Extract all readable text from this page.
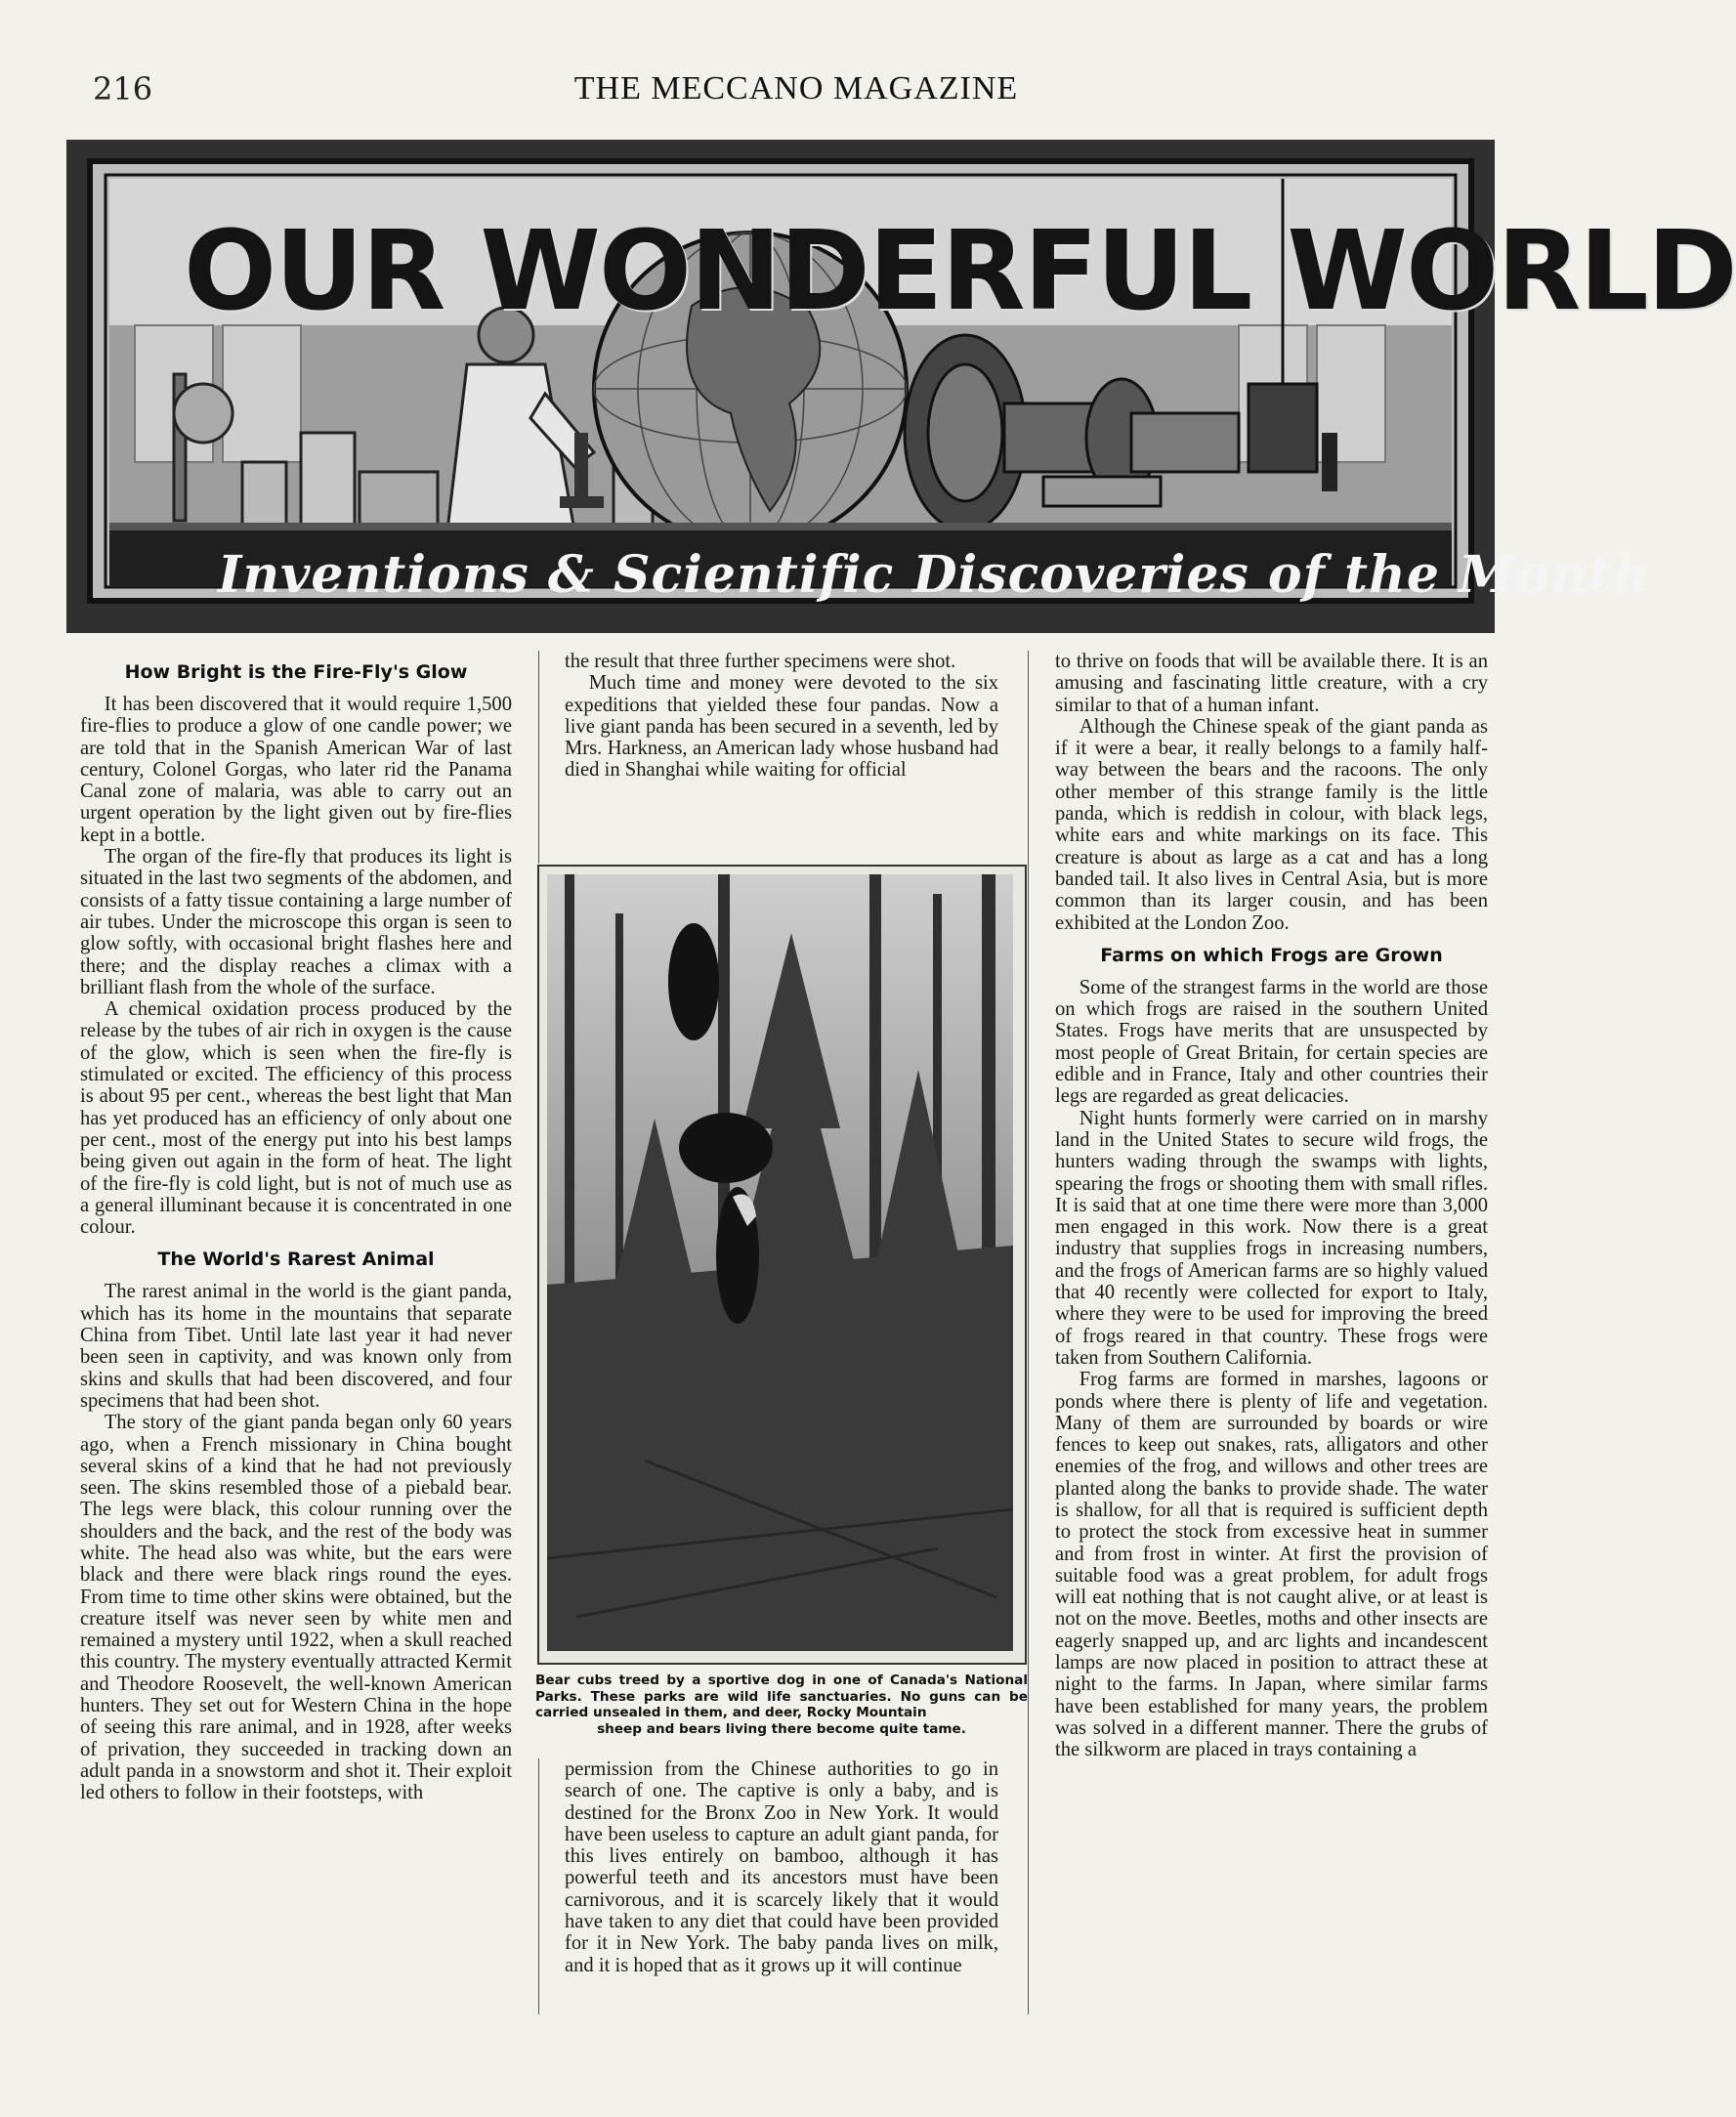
216	THE MECCANO MAGAZINE
OUR WONDERFUL WORLD
Inventions & Scientific Discoveries of the Month
How Bright is the Fire-Fly's Glow

It has been discovered that it would require 1,500 fire-flies to produce a glow of one candle power; we are told that in the Spanish American War of last century, Colonel Gorgas, who later rid the Panama Canal zone of malaria, was able to carry out an urgent operation by the light given out by fire-flies kept in a bottle.

The organ of the fire-fly that produces its light is situated in the last two segments of the abdomen, and consists of a fatty tissue containing a large number of air tubes. Under the microscope this organ is seen to glow softly, with occasional bright flashes here and there; and the display reaches a climax with a brilliant flash from the whole of the surface.

A chemical oxidation process produced by the release by the tubes of air rich in oxygen is the cause of the glow, which is seen when the fire-fly is stimulated or excited. The efficiency of this process is about 95 per cent., whereas the best light that Man has yet produced has an efficiency of only about one per cent., most of the energy put into his best lamps being given out again in the form of heat. The light of the fire-fly is cold light, but is not of much use as a general illuminant because it is concentrated in one colour.

The World's Rarest Animal

The rarest animal in the world is the giant panda, which has its home in the mountains that separate China from Tibet. Until late last year it had never been seen in captivity, and was known only from skins and skulls that had been discovered, and four specimens that had been shot.

The story of the giant panda began only 60 years ago, when a French missionary in China bought several skins of a kind that he had not previously seen. The skins resembled those of a piebald bear. The legs were black, this colour running over the shoulders and the back, and the rest of the body was white. The head also was white, but the ears were black and there were black rings round the eyes. From time to time other skins were obtained, but the creature itself was never seen by white men and remained a mystery until 1922, when a skull reached this country. The mystery eventually attracted Kermit and Theodore Roosevelt, the well-known American hunters. They set out for Western China in the hope of seeing this rare animal, and in 1928, after weeks of privation, they succeeded in tracking down an adult panda in a snowstorm and shot it. Their exploit led others to follow in their footsteps, with

the result that three further specimens were shot.

Much time and money were devoted to the six expeditions that yielded these four pandas. Now a live giant panda has been secured in a seventh, led by Mrs. Harkness, an American lady whose husband had died in Shanghai while waiting for official

Bear cubs treed by a sportive dog in one of Canada's National Parks. These parks are wild life sanctuaries. No guns can be carried unsealed in them, and deer, Rocky Mountain
sheep and bears living there become quite tame.

permission from the Chinese authorities to go in search of one. The captive is only a baby, and is destined for the Bronx Zoo in New York. It would have been useless to capture an adult giant panda, for this lives entirely on bamboo, although it has powerful teeth and its ancestors must have been carnivorous, and it is scarcely likely that it would have taken to any diet that could have been provided for it in New York. The baby panda lives on milk, and it is hoped that as it grows up it will continue

to thrive on foods that will be available there. It is an amusing and fascinating little creature, with a cry similar to that of a human infant.

Although the Chinese speak of the giant panda as if it were a bear, it really belongs to a family half-way between the bears and the racoons. The only other member of this strange family is the little panda, which is reddish in colour, with black legs, white ears and white markings on its face. This creature is about as large as a cat and has a long banded tail. It also lives in Central Asia, but is more common than its larger cousin, and has been exhibited at the London Zoo.

Farms on which Frogs are Grown

Some of the strangest farms in the world are those on which frogs are raised in the southern United States. Frogs have merits that are unsuspected by most people of Great Britain, for certain species are edible and in France, Italy and other countries their legs are regarded as great delicacies.

Night hunts formerly were carried on in marshy land in the United States to secure wild frogs, the hunters wading through the swamps with lights, spearing the frogs or shooting them with small rifles. It is said that at one time there were more than 3,000 men engaged in this work. Now there is a great industry that supplies frogs in increasing numbers, and the frogs of American farms are so highly valued that 40 recently were collected for export to Italy, where they were to be used for improving the breed of frogs reared in that country. These frogs were taken from Southern California.

Frog farms are formed in marshes, lagoons or ponds where there is plenty of life and vegetation. Many of them are surrounded by boards or wire fences to keep out snakes, rats, alligators and other enemies of the frog, and willows and other trees are planted along the banks to provide shade. The water is shallow, for all that is required is sufficient depth to protect the stock from excessive heat in summer and from frost in winter. At first the provision of suitable food was a great problem, for adult frogs will eat nothing that is not caught alive, or at least is not on the move. Beetles, moths and other insects are eagerly snapped up, and arc lights and incandescent lamps are now placed in position to attract these at night to the farms. In Japan, where similar farms have been established for many years, the problem was solved in a different manner. There the grubs of the silkworm are placed in trays containing a
